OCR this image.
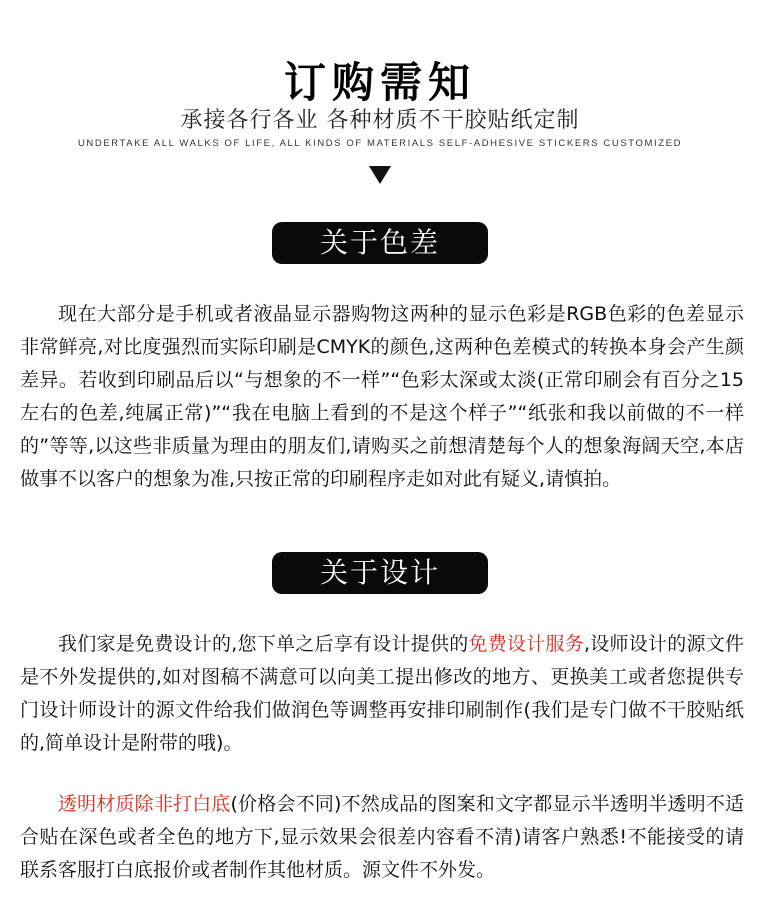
订购需知
承接各行各业 各种材质不干胶贴纸定制
UNDERTAKE ALL WALKS OF LIFE, ALL KINDS OF MATERIALS SELF-ADHESIVE STICKERS CUSTOMIZED
关于色差

现在大部分是手机或者液晶显示器购物这两种的显示色彩是RGB色彩的色差显示非常鲜亮,对比度强烈而实际印刷是CMYK的颜色,这两种色差模式的转换本身会产生颜差异。若收到印刷品后以“与想象的不一样”“色彩太深或太淡(正常印刷会有百分之15左右的色差,纯属正常)”“我在电脑上看到的不是这个样子”“纸张和我以前做的不一样的”等等,以这些非质量为理由的朋友们,请购买之前想清楚每个人的想象海阔天空,本店做事不以客户的想象为准,只按正常的印刷程序走如对此有疑义,请慎拍。

关于设计

我们家是免费设计的,您下单之后享有设计提供的免费设计服务,设师设计的源文件是不外发提供的,如对图稿不满意可以向美工提出修改的地方、更换美工或者您提供专门设计师设计的源文件给我们做润色等调整再安排印刷制作(我们是专门做不干胶贴纸的,简单设计是附带的哦)。

透明材质除非打白底(价格会不同)不然成品的图案和文字都显示半透明半透明不适合贴在深色或者全色的地方下,显示效果会很差内容看不清)请客户熟悉!不能接受的请联系客服打白底报价或者制作其他材质。源文件不外发。
